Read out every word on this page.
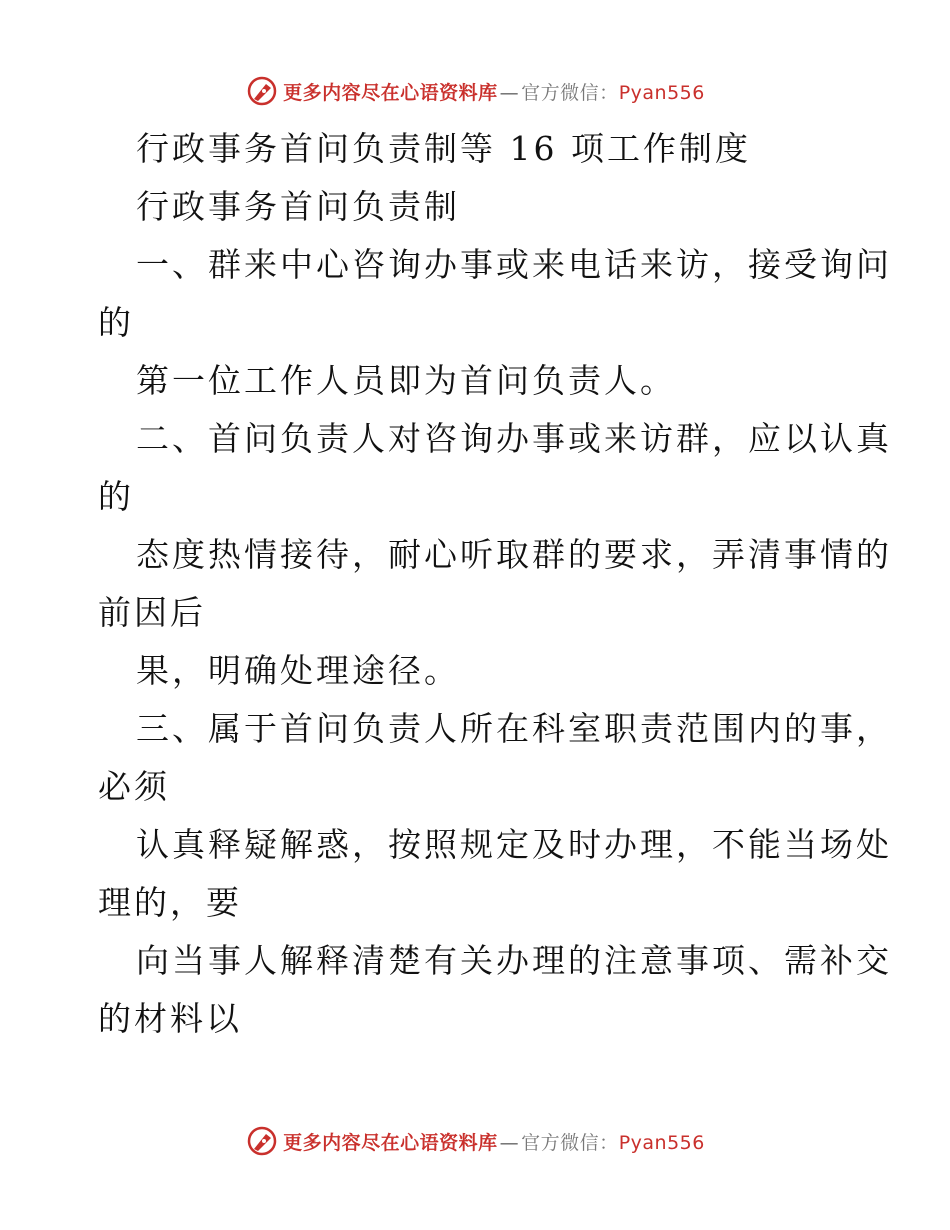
更多内容尽在心语资料库 — 官方微信：Pyan556
行政事务首问负责制等 16 项工作制度
行政事务首问负责制
一、群来中心咨询办事或来电话来访，接受询问
的
第一位工作人员即为首问负责人。
二、首问负责人对咨询办事或来访群，应以认真
的
态度热情接待，耐心听取群的要求，弄清事情的
前因后
果，明确处理途径。
三、属于首问负责人所在科室职责范围内的事，
必须
认真释疑解惑，按照规定及时办理，不能当场处
理的，要
向当事人解释清楚有关办理的注意事项、需补交
的材料以
更多内容尽在心语资料库 — 官方微信：Pyan556
